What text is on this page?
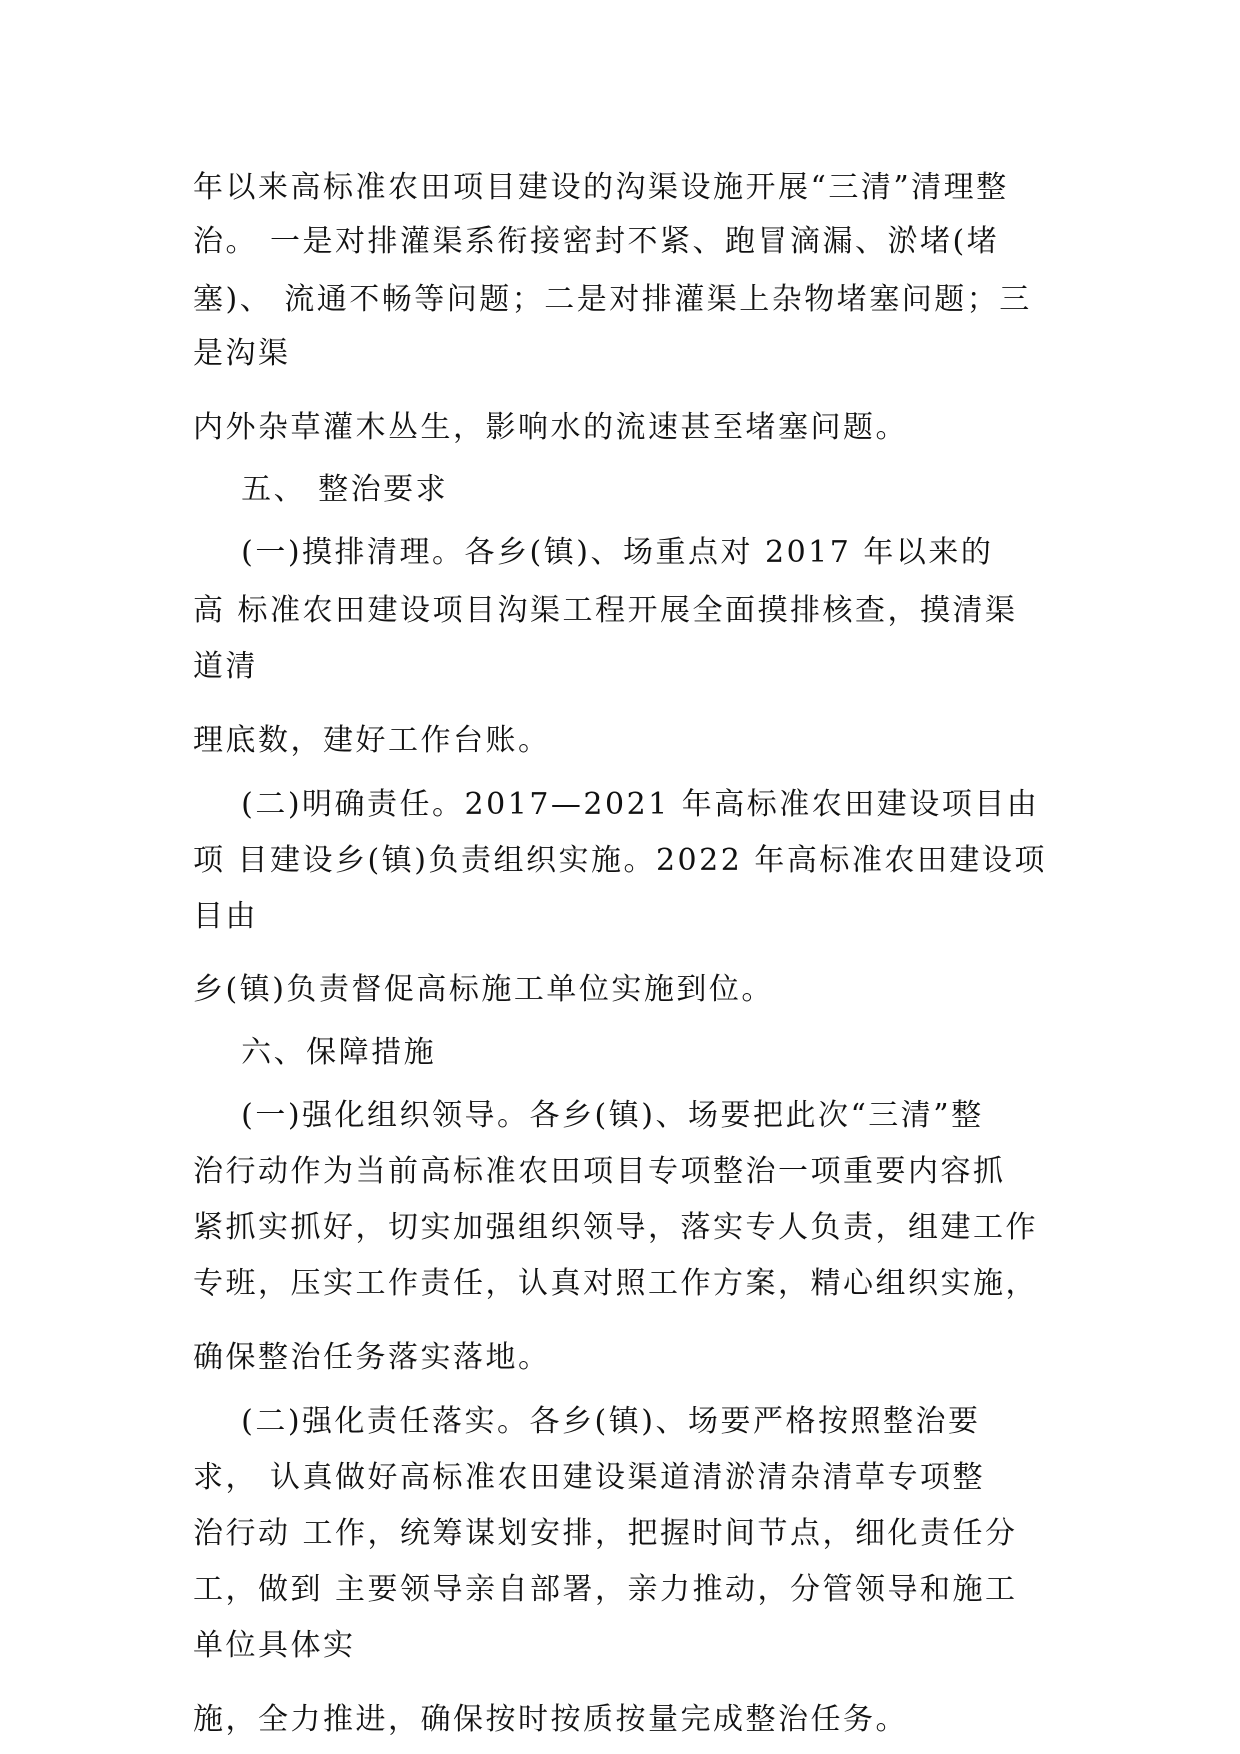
年以来高标准农田项目建设的沟渠设施开展“三清”清理整

治。 一是对排灌渠系衔接密封不紧、跑冒滴漏、淤堵(堵

塞)、 流通不畅等问题；二是对排灌渠上杂物堵塞问题；三

是沟渠

内外杂草灌木丛生，影响水的流速甚至堵塞问题。

五、 整治要求

(一)摸排清理。各乡(镇)、场重点对 2017 年以来的

高 标准农田建设项目沟渠工程开展全面摸排核查，摸清渠

道清

理底数，建好工作台账。

(二)明确责任。2017—2021 年高标准农田建设项目由

项 目建设乡(镇)负责组织实施。2022 年高标准农田建设项

目由

乡(镇)负责督促高标施工单位实施到位。

六、保障措施

(一)强化组织领导。各乡(镇)、场要把此次“三清”整

治行动作为当前高标准农田项目专项整治一项重要内容抓

紧抓实抓好，切实加强组织领导，落实专人负责，组建工作

专班，压实工作责任，认真对照工作方案，精心组织实施，

确保整治任务落实落地。

(二)强化责任落实。各乡(镇)、场要严格按照整治要

求， 认真做好高标准农田建设渠道清淤清杂清草专项整

治行动 工作，统筹谋划安排，把握时间节点，细化责任分

工，做到 主要领导亲自部署，亲力推动，分管领导和施工

单位具体实

施，全力推进，确保按时按质按量完成整治任务。
